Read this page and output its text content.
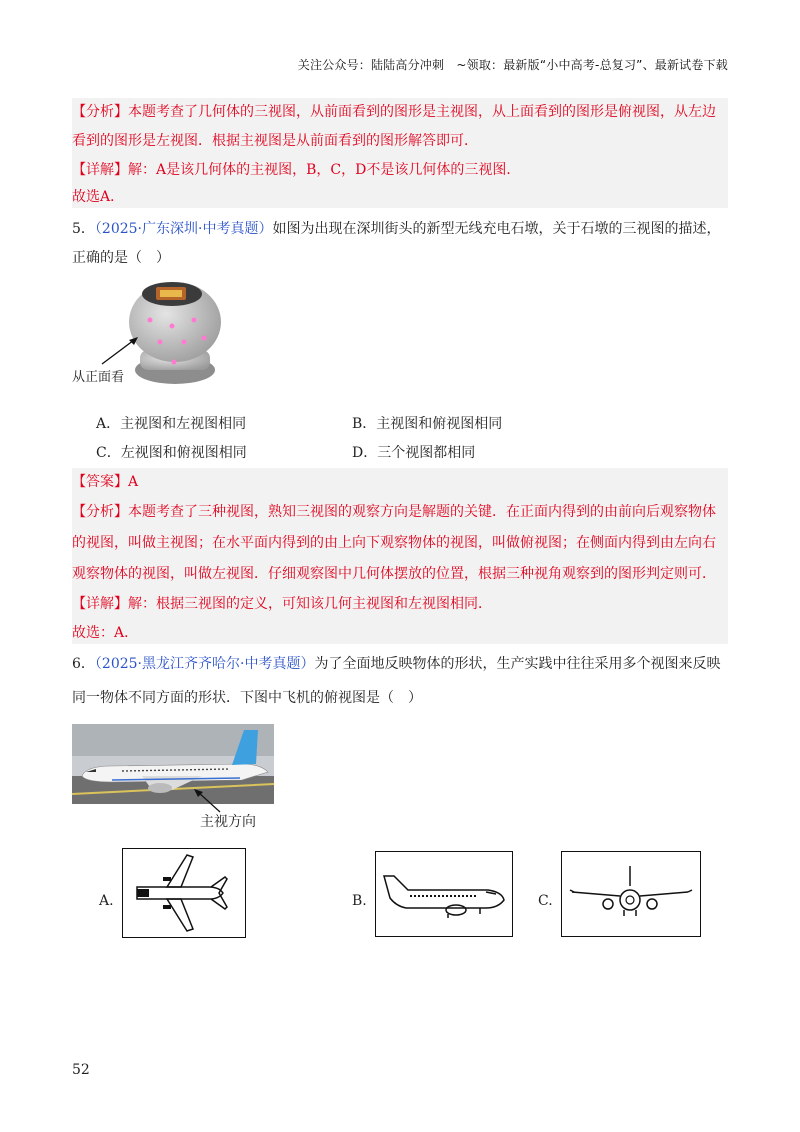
关注公众号：陆陆高分冲刺　~领取：最新版“小中高考-总复习”、最新试卷下载
【分析】本题考查了几何体的三视图，从前面看到的图形是主视图，从上面看到的图形是俯视图，从左边
看到的图形是左视图．根据主视图是从前面看到的图形解答即可．
【详解】解：A是该几何体的主视图，B，C，D不是该几何体的三视图．
故选A．
5．（2025·广东深圳·中考真题）如图为出现在深圳街头的新型无线充电石墩，关于石墩的三视图的描述，
正确的是（　）
从正面看
A．主视图和左视图相同	B．主视图和俯视图相同
C．左视图和俯视图相同	D．三个视图都相同
【答案】A
【分析】本题考查了三种视图，熟知三视图的观察方向是解题的关键．在正面内得到的由前向后观察物体
的视图，叫做主视图；在水平面内得到的由上向下观察物体的视图，叫做俯视图；在侧面内得到由左向右
观察物体的视图，叫做左视图．仔细观察图中几何体摆放的位置，根据三种视角观察到的图形判定则可．
【详解】解：根据三视图的定义，可知该几何主视图和左视图相同．
故选：A．
6．（2025·黑龙江齐齐哈尔·中考真题）为了全面地反映物体的形状，生产实践中往往采用多个视图来反映
同一物体不同方面的形状．下图中飞机的俯视图是（　）
主视方向
A.	B.	C.
52
